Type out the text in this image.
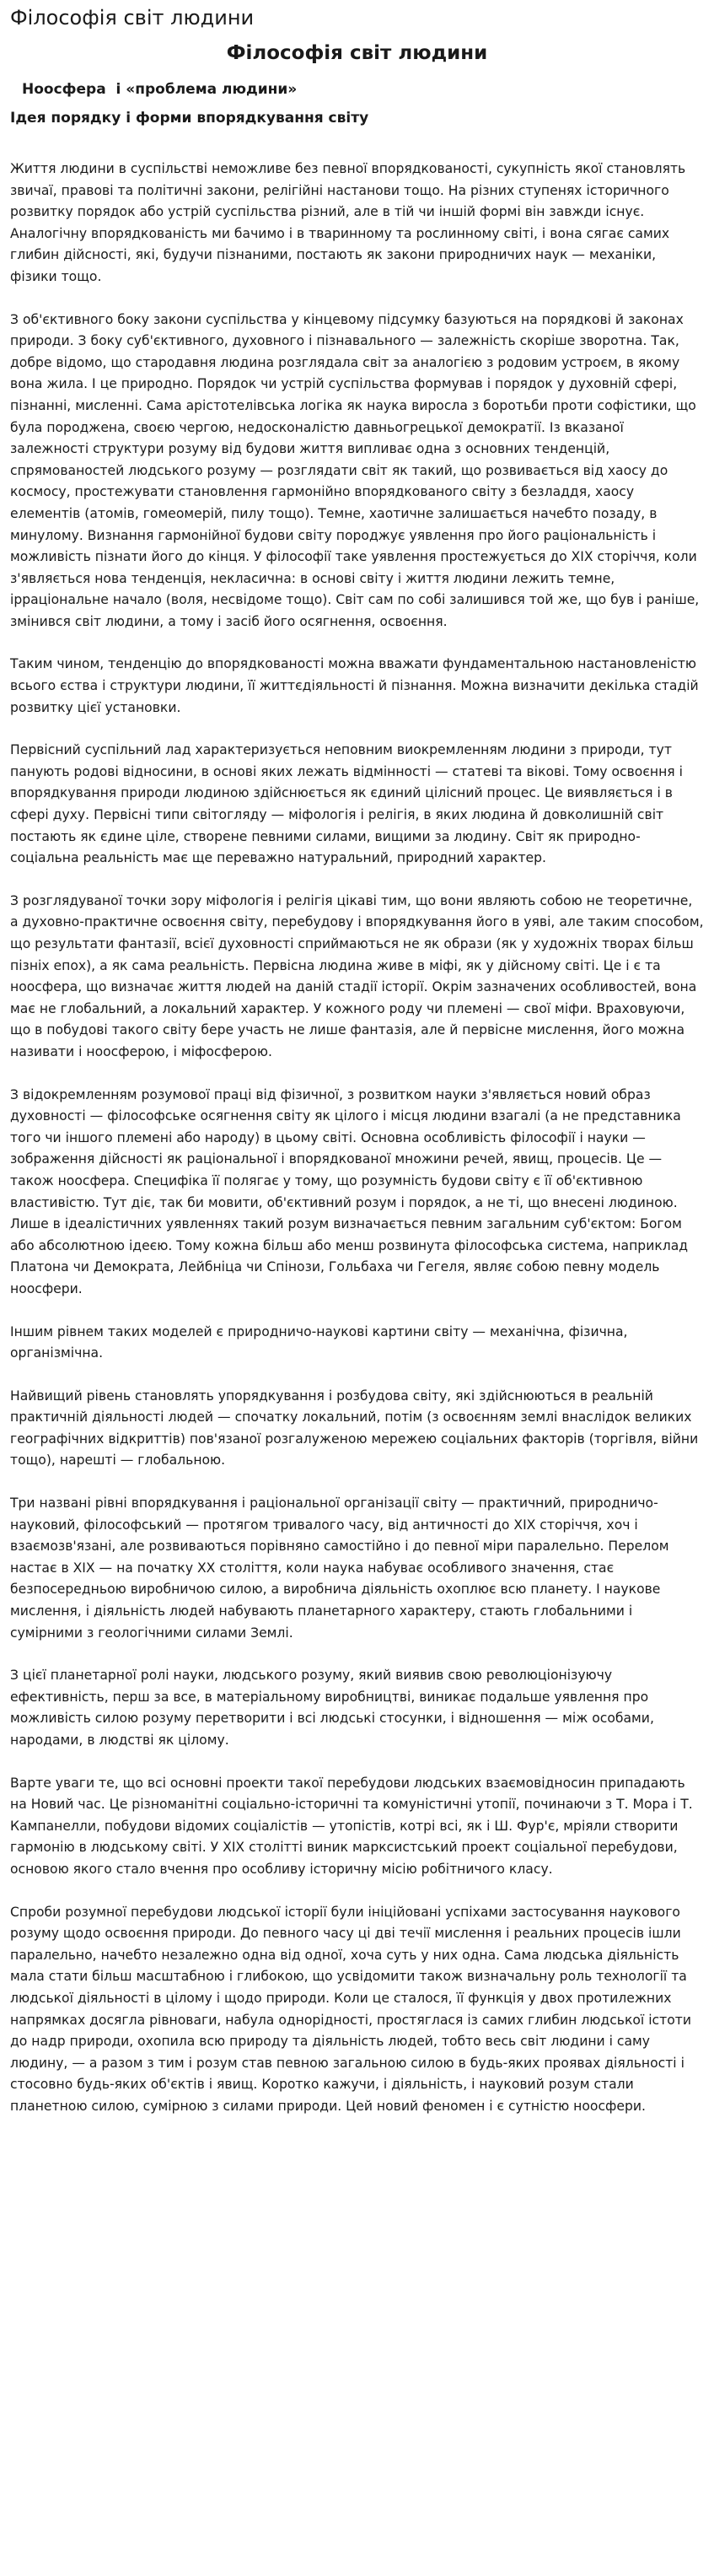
Філософія світ людини
Філософія світ людини
Ноосфера  і «проблема людини»
Ідея порядку і форми впорядкування світу

Життя людини в суспільстві неможливе без певної впорядкованості, сукупність якої становлять звичаї, правові та політичні закони, релігійні настанови тощо. На різних ступенях історичного розвитку порядок або устрій суспільства різний, але в тій чи іншій формі він завжди існує. Аналогічну впорядкованість ми бачимо і в тваринному та рослинному світі, і вона сягає самих глибин дійсності, які, будучи пізнаними, постають як закони природничих наук — механіки, фізики тощо.

З об'єктивного боку закони суспільства у кінцевому підсумку базуються на порядкові й законах природи. З боку суб'єктивного, духовного і пізнавального — залежність скоріше зворотна. Так, добре відомо, що стародавня людина розглядала світ за аналогією з родовим устроєм, в якому вона жила. І це природно. Порядок чи устрій суспільства формував і порядок у духовній сфері, пізнанні, мисленні. Сама арістотелівська логіка як наука виросла з боротьби проти софістики, що була породжена, своєю чергою, недосконалістю давньогрецької демократії. Із вказаної залежності структури розуму від будови життя випливає одна з основних тенденцій, спрямованостей людського розуму — розглядати світ як такий, що розвивається від хаосу до космосу, простежувати становлення гармонійно впорядкованого світу з безладдя, хаосу елементів (атомів, гомеомерій, пилу тощо). Темне, хаотичне залишається начебто позаду, в минулому. Визнання гармонійної будови світу породжує уявлення про його раціональність і можливість пізнати його до кінця. У філософії таке уявлення простежується до XIX сторіччя, коли з'являється нова тенденція, некласична: в основі світу і життя людини лежить темне, ірраціональне начало (воля, несвідоме тощо). Світ сам по собі залишився той же, що був і раніше, змінився світ людини, а тому і засіб його осягнення, освоєння.

Таким чином, тенденцію до впорядкованості можна вважати фундаментальною настановленістю всього єства і структури людини, її життєдіяльності й пізнання. Можна визначити декілька стадій розвитку цієї установки.

Первісний суспільний лад характеризується неповним виокремленням людини з природи, тут панують родові відносини, в основі яких лежать відмінності — статеві та вікові. Тому освоєння і впорядкування природи людиною здійснюється як єдиний цілісний процес. Це виявляється і в сфері духу. Первісні типи світогляду — міфологія і релігія, в яких людина й довколишній світ постають як єдине ціле, створене певними силами, вищими за людину. Світ як природно-соціальна реальність має ще переважно натуральний, природний характер.

З розглядуваної точки зору міфологія і релігія цікаві тим, що вони являють собою не теоретичне, а духовно-практичне освоєння світу, перебудову і впорядкування його в уяві, але таким способом, що результати фантазії, всієї духовності сприймаються не як образи (як у художніх творах більш пізніх епох), а як сама реальність. Первісна людина живе в міфі, як у дійсному світі. Це і є та ноосфера, що визначає життя людей на даній стадії історії. Окрім зазначених особливостей, вона має не глобальний, а локальний характер. У кожного роду чи племені — свої міфи. Враховуючи, що в побудові такого світу бере участь не лише фантазія, але й первісне мислення, його можна називати і ноосферою, і міфосферою.

З відокремленням розумової праці від фізичної, з розвитком науки з'являється новий образ духовності — філософське осягнення світу як цілого і місця людини взагалі (а не представника того чи іншого племені або народу) в цьому світі. Основна особливість філософії і науки — зображення дійсності як раціональної і впорядкованої множини речей, явищ, процесів. Це — також ноосфера. Специфіка її полягає у тому, що розумність будови світу є її об'єктивною властивістю. Тут діє, так би мовити, об'єктивний розум і порядок, а не ті, що внесені людиною. Лише в ідеалістичних уявленнях такий розум визначається певним загальним суб'єктом: Богом або абсолютною ідеєю. Тому кожна більш або менш розвинута філософська система, наприклад Платона чи Демократа, Лейбніца чи Спінози, Гольбаха чи Гегеля, являє собою певну модель ноосфери.

Іншим рівнем таких моделей є природничо-наукові картини світу — механічна, фізична, організмічна.

Найвищий рівень становлять упорядкування і розбудова світу, які здійснюються в реальній практичній діяльності людей — спочатку локальний, потім (з освоєнням землі внаслідок великих географічних відкриттів) пов'язаної розгалуженою мережею соціальних факторів (торгівля, війни тощо), нарешті — глобальною.

Три названі рівні впорядкування і раціональної організації світу — практичний, природничо-науковий, філософський — протягом тривалого часу, від античності до XIX сторіччя, хоч і взаємозв'язані, але розвиваються порівняно самостійно і до певної міри паралельно. Перелом настає в XIX — на початку XX століття, коли наука набуває особливого значення, стає безпосередньою виробничою силою, а виробнича діяльність охоплює всю планету. І наукове мислення, і діяльність людей набувають планетарного характеру, стають глобальними і сумірними з геологічними силами Землі.

З цієї планетарної ролі науки, людського розуму, який виявив свою революціонізуючу ефективність, перш за все, в матеріальному виробництві, виникає подальше уявлення про можливість силою розуму перетворити і всі людські стосунки, і відношення — між особами, народами, в людстві як цілому.

Варте уваги те, що всі основні проекти такої перебудови людських взаємовідносин припадають на Новий час. Це різноманітні соціально-історичні та комуністичні утопії, починаючи з Т. Мора і Т. Кампанелли, побудови відомих соціалістів — утопістів, котрі всі, як і Ш. Фур'є, мріяли створити гармонію в людському світі. У XIX столітті виник марксистський проект соціальної перебудови, основою якого стало вчення про особливу історичну місію робітничого класу.

Спроби розумної перебудови людської історії були ініційовані успіхами застосування наукового розуму щодо освоєння природи. До певного часу ці дві течії мислення і реальних процесів ішли паралельно, начебто незалежно одна від одної, хоча суть у них одна. Сама людська діяльність мала стати більш масштабною і глибокою, що усвідомити також визначальну роль технології та людської діяльності в цілому і щодо природи. Коли це сталося, її функція у двох протилежних напрямках досягла рівноваги, набула однорідності, простяглася із самих глибин людської істоти до надр природи, охопила всю природу та діяльність людей, тобто весь світ людини і саму людину, — а разом з тим і розум став певною загальною силою в будь-яких проявах діяльності і стосовно будь-яких об'єктів і явищ. Коротко кажучи, і діяльність, і науковий розум стали планетною силою, сумірною з силами природи. Цей новий феномен і є сутністю ноосфери.
